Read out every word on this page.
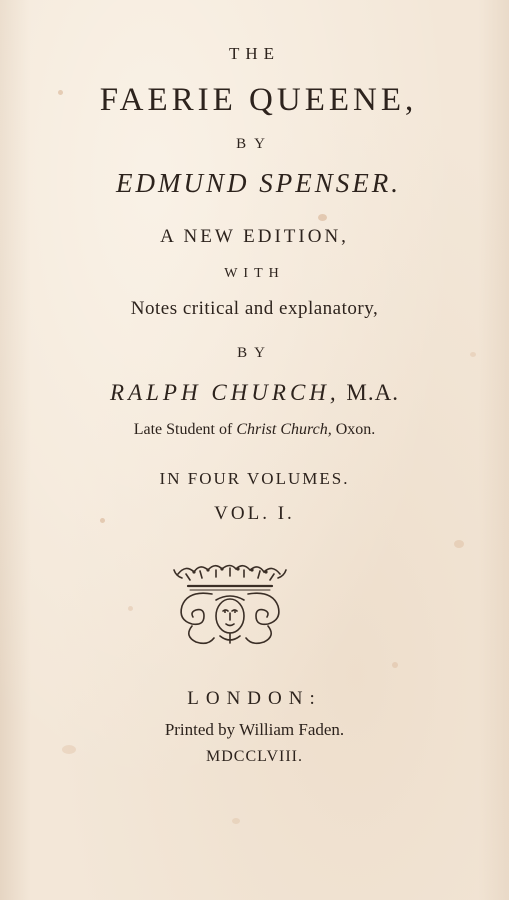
THE
FAERIE QUEENE,
BY
EDMUND SPENSER.
A NEW EDITION,
WITH
Notes critical and explanatory,
BY
RALPH CHURCH, M.A.
Late Student of Christ Church, Oxon.
IN FOUR VOLUMES.
VOL. I.
LONDON:
Printed by William Faden.
MDCCLVIII.
